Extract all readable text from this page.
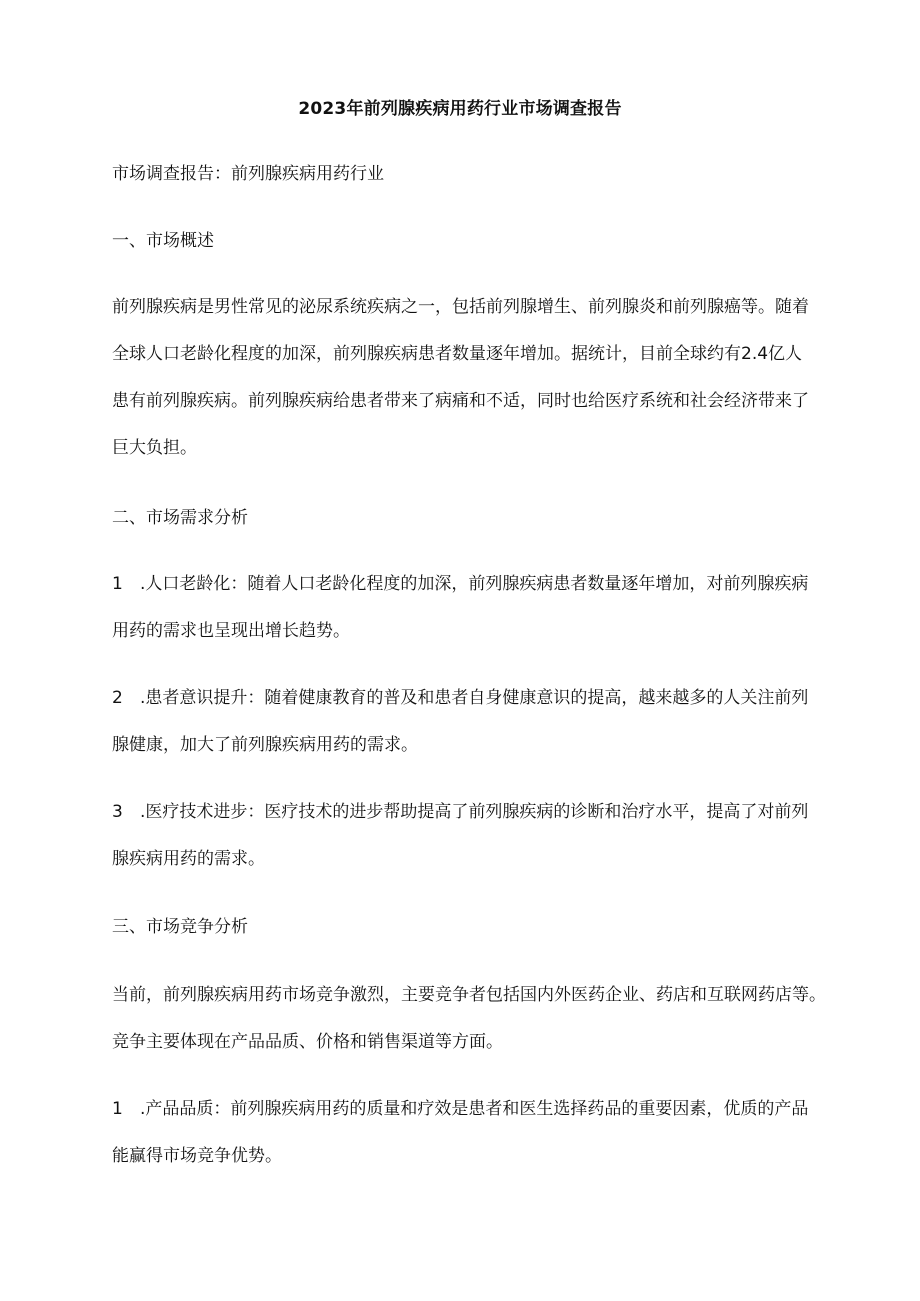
2023年前列腺疾病用药行业市场调查报告
市场调查报告：前列腺疾病用药行业
一、市场概述
前列腺疾病是男性常见的泌尿系统疾病之一，包括前列腺增生、前列腺炎和前列腺癌等。随着
全球人口老龄化程度的加深，前列腺疾病患者数量逐年增加。据统计，目前全球约有2.4亿人
患有前列腺疾病。前列腺疾病给患者带来了病痛和不适，同时也给医疗系统和社会经济带来了
巨大负担。
二、市场需求分析
1 .人口老龄化：随着人口老龄化程度的加深，前列腺疾病患者数量逐年增加，对前列腺疾病
用药的需求也呈现出增长趋势。
2 .患者意识提升：随着健康教育的普及和患者自身健康意识的提高，越来越多的人关注前列
腺健康，加大了前列腺疾病用药的需求。
3 .医疗技术进步：医疗技术的进步帮助提高了前列腺疾病的诊断和治疗水平，提高了对前列
腺疾病用药的需求。
三、市场竞争分析
当前，前列腺疾病用药市场竞争激烈，主要竞争者包括国内外医药企业、药店和互联网药店等。
竞争主要体现在产品品质、价格和销售渠道等方面。
1 .产品品质：前列腺疾病用药的质量和疗效是患者和医生选择药品的重要因素，优质的产品
能赢得市场竞争优势。
